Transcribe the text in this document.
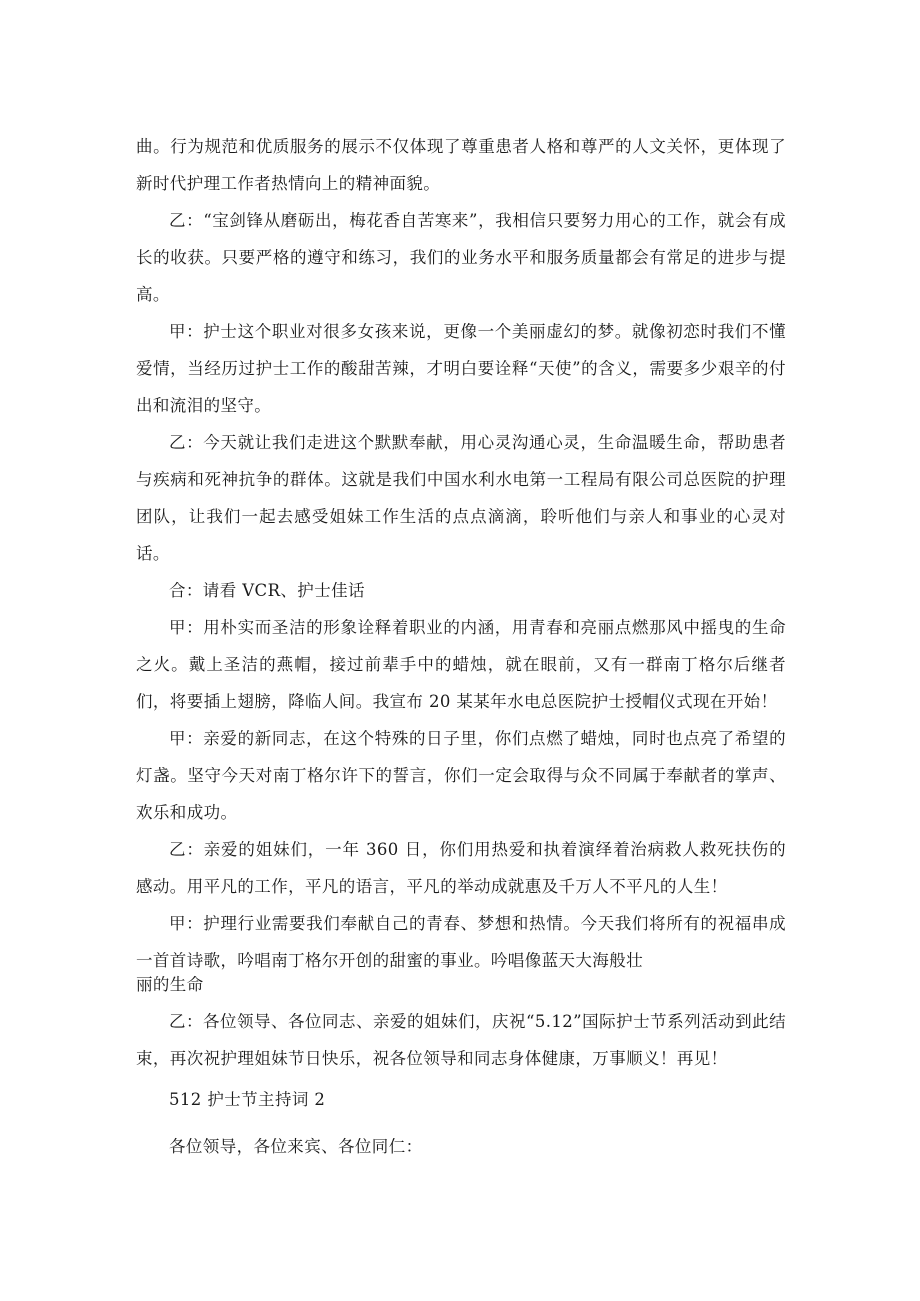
曲。行为规范和优质服务的展示不仅体现了尊重患者人格和尊严的人文关怀，更体现了新时代护理工作者热情向上的精神面貌。

乙：“宝剑锋从磨砺出，梅花香自苦寒来”，我相信只要努力用心的工作，就会有成长的收获。只要严格的遵守和练习，我们的业务水平和服务质量都会有常足的进步与提高。

甲：护士这个职业对很多女孩来说，更像一个美丽虚幻的梦。就像初恋时我们不懂爱情，当经历过护士工作的酸甜苦辣，才明白要诠释“天使”的含义，需要多少艰辛的付出和流泪的坚守。

乙：今天就让我们走进这个默默奉献，用心灵沟通心灵，生命温暖生命，帮助患者与疾病和死神抗争的群体。这就是我们中国水利水电第一工程局有限公司总医院的护理团队，让我们一起去感受姐妹工作生活的点点滴滴，聆听他们与亲人和事业的心灵对话。

合：请看 VCR、护士佳话

甲：用朴实而圣洁的形象诠释着职业的内涵，用青春和亮丽点燃那风中摇曳的生命之火。戴上圣洁的燕帽，接过前辈手中的蜡烛，就在眼前，又有一群南丁格尔后继者们，将要插上翅膀，降临人间。我宣布 20 某某年水电总医院护士授帽仪式现在开始！

甲：亲爱的新同志，在这个特殊的日子里，你们点燃了蜡烛，同时也点亮了希望的灯盏。坚守今天对南丁格尔许下的誓言，你们一定会取得与众不同属于奉献者的掌声、欢乐和成功。

乙：亲爱的姐妹们，一年 360 日，你们用热爱和执着演绎着治病救人救死扶伤的感动。用平凡的工作，平凡的语言，平凡的举动成就惠及千万人不平凡的人生！

甲：护理行业需要我们奉献自己的青春、梦想和热情。今天我们将所有的祝福串成一首首诗歌，吟唱南丁格尔开创的甜蜜的事业。吟唱像蓝天大海般壮

丽的生命

乙：各位领导、各位同志、亲爱的姐妹们，庆祝“5.12”国际护士节系列活动到此结束，再次祝护理姐妹节日快乐，祝各位领导和同志身体健康，万事顺义！再见！

512 护士节主持词 2

各位领导，各位来宾、各位同仁：
